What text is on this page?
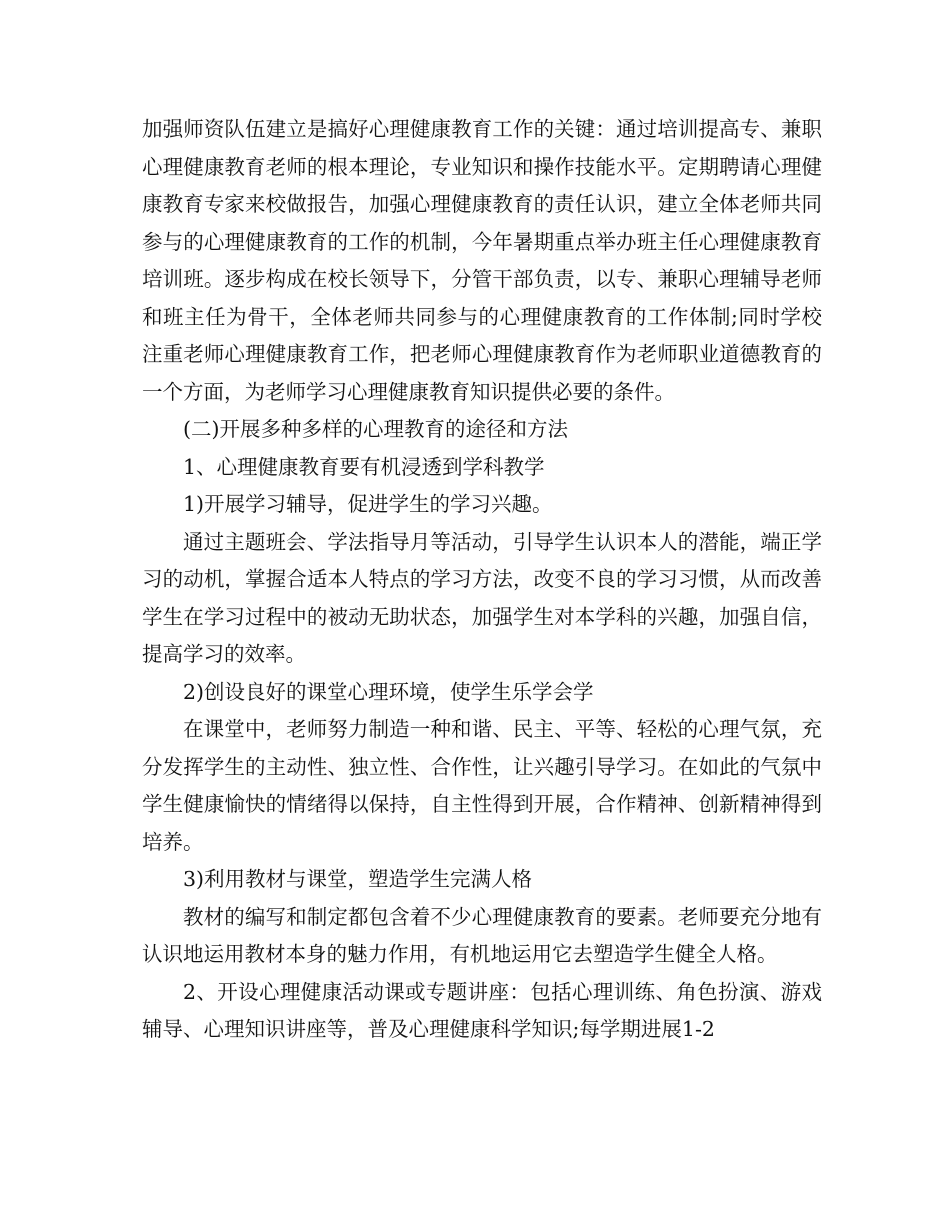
加强师资队伍建立是搞好心理健康教育工作的关键：通过培训提高专、兼职心理健康教育老师的根本理论，专业知识和操作技能水平。定期聘请心理健康教育专家来校做报告，加强心理健康教育的责任认识，建立全体老师共同参与的心理健康教育的工作的机制，今年暑期重点举办班主任心理健康教育培训班。逐步构成在校长领导下，分管干部负责，以专、兼职心理辅导老师和班主任为骨干，全体老师共同参与的心理健康教育的工作体制;同时学校注重老师心理健康教育工作，把老师心理健康教育作为老师职业道德教育的一个方面，为老师学习心理健康教育知识提供必要的条件。

(二)开展多种多样的心理教育的途径和方法

1、心理健康教育要有机浸透到学科教学

1)开展学习辅导，促进学生的学习兴趣。

通过主题班会、学法指导月等活动，引导学生认识本人的潜能，端正学习的动机，掌握合适本人特点的学习方法，改变不良的学习习惯，从而改善学生在学习过程中的被动无助状态，加强学生对本学科的兴趣，加强自信，提高学习的效率。

2)创设良好的课堂心理环境，使学生乐学会学

在课堂中，老师努力制造一种和谐、民主、平等、轻松的心理气氛，充分发挥学生的主动性、独立性、合作性，让兴趣引导学习。在如此的气氛中学生健康愉快的情绪得以保持，自主性得到开展，合作精神、创新精神得到培养。

3)利用教材与课堂，塑造学生完满人格

教材的编写和制定都包含着不少心理健康教育的要素。老师要充分地有认识地运用教材本身的魅力作用，有机地运用它去塑造学生健全人格。

2、开设心理健康活动课或专题讲座：包括心理训练、角色扮演、游戏辅导、心理知识讲座等，普及心理健康科学知识;每学期进展1-2
